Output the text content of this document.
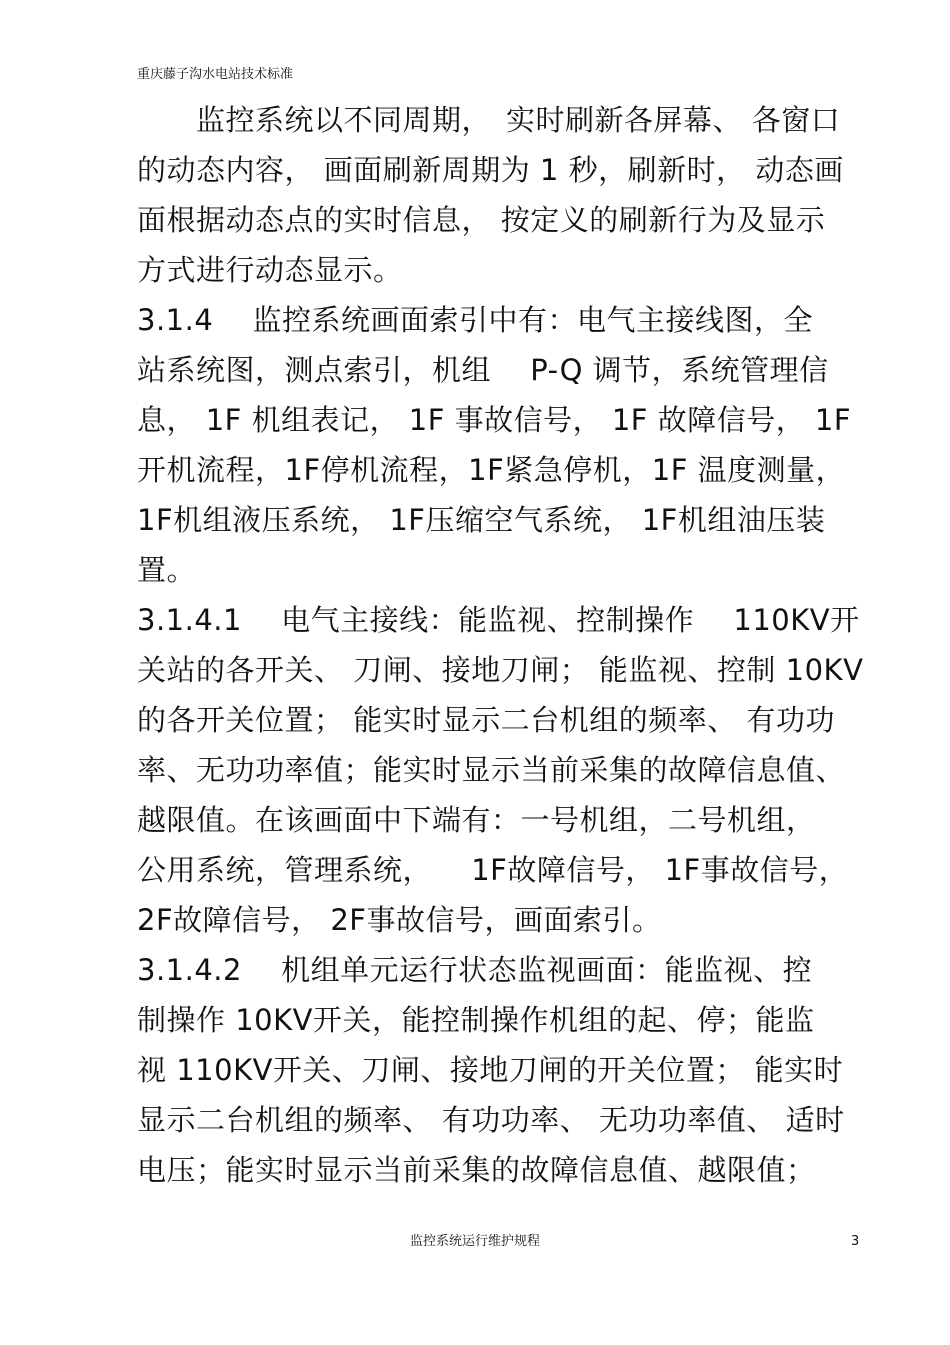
重庆藤子沟水电站技术标准
　　监控系统以不同周期，　实时刷新各屏幕、 各窗口
的动态内容， 画面刷新周期为 1 秒，刷新时， 动态画
面根据动态点的实时信息， 按定义的刷新行为及显示
方式进行动态显示。
3.1.4　 监控系统画面索引中有：电气主接线图，全
站系统图，测点索引，机组 　P-Q 调节，系统管理信
息， 1F 机组表记， 1F 事故信号， 1F 故障信号， 1F
开机流程，1F停机流程，1F紧急停机，1F 温度测量，
1F机组液压系统， 1F压缩空气系统， 1F机组油压装
置。
3.1.4.1　 电气主接线：能监视、控制操作 　110KV开
关站的各开关、 刀闸、接地刀闸； 能监视、控制 10KV
的各开关位置； 能实时显示二台机组的频率、 有功功
率、无功功率值；能实时显示当前采集的故障信息值、
越限值。在该画面中下端有：一号机组，二号机组，
公用系统，管理系统， 　1F故障信号， 1F事故信号，
2F故障信号， 2F事故信号，画面索引。
3.1.4.2　 机组单元运行状态监视画面：能监视、控
制操作 10KV开关，能控制操作机组的起、停；能监
视 110KV开关、刀闸、接地刀闸的开关位置； 能实时
显示二台机组的频率、 有功功率、 无功功率值、 适时
电压；能实时显示当前采集的故障信息值、越限值；
监控系统运行维护规程	3
